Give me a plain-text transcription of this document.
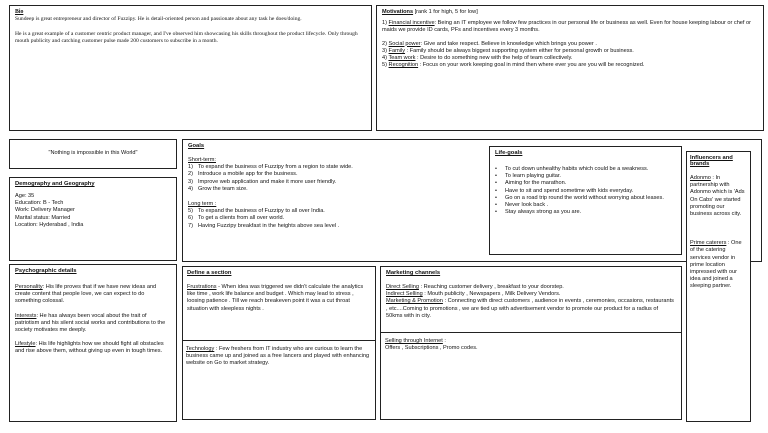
Bio

Sundeep is great entrepreneur and director of Fuzzipy. He is detail-oriented person and passionate about any task he does/doing.

He is a great example of a customer centric product manager, and I've observed him showcasing his skills throughout the product lifecycle. Only through mouth publicity and catching customer pulse made 200 customers to subscribe in a month.

Motivations [rank 1 for high, 5 for low]
1) Financial incentive: Being an IT employee we follow few practices in our personal life or business as well. Even for house keeping labour or chef or maids we provide ID cards, PFs and incentives every 3 months.
2) Social power: Give and take respect. Believe in knowledge which brings you power .
3) Family : Family should be always biggest supporting system either for personal growth or business.
4) Team work : Desire to do something new with the help of team collectively.
5) Recognition : Focus on your work keeping goal in mind then where ever you are you will be recognized.
"Nothing is impossible in this World"
Demography and Geography
Age: 35
Education: B - Tech
Work: Delivery Manager
Marital status: Married
Location: Hyderabad , India
Goals
Short-term:
1) To expand the business of Fuzzipy from a region to state wide.
2) Introduce a mobile app for the business.
3) Improve web application and make it more user friendly.
4) Grow the team size.
Long term :
5) To expand the business of Fuzzipy to all over India.
6) To get a clients from all over world.
7) Having Fuzzipy breakfast in the heights above sea level .
Life-goals
•	To cut down unhealthy habits which could be a weakness.
•	To learn playing guitar.
•	Aiming for the marathon.
•	Have to sit and spend sometime with kids everyday.
•	Go on a road trip round the world without worrying about leases.
•	Never look back .
•	Stay always strong as you are.
Influencers and brands

Adonmo : In partnership with Adonmo which is 'Ads On Cabs' we started promoting our business across city.

Prime caterers : One of the catering services vendor in prime location impressed with our idea and joined a sleeping partner.

Psychographic details

Personality: His life proves that if we have new ideas and create content that people love, we can expect to do something colossal.

Interests: He has always been vocal about the trait of patriotism and his silent social works and contributions to the society motivates me deeply.

Lifestyle: His life highlights how we should fight all obstacles and rise above them, without giving up even in tough times.

Define a section

Frustrations - When idea was triggered we didn't calculate the analytics like time , work life balance and budget . Which may lead to stress , loosing patience . Till we reach breakeven point it was a cut throat situation with sleepless nights .

Technology : Few freshers from IT industry who are curious to learn the business came up and joined as a free lancers and played with enhancing website on Go to market strategy.

Marketing channels

Direct Selling : Reaching customer delivery , breakfast to your doorstep.

Indirect Selling : Mouth publicity , Newspapers , Milk Delivery Vendors.

Marketing & Promotion : Connecting with direct customers , audience in events , ceremonies, occasions, restaurants , etc....Coming to promotions , we are tied up with advertisement vendor to promote our product for a radius of 50kms with in city.

Selling through Internet :
Offers , Subscriptions , Promo codes.
